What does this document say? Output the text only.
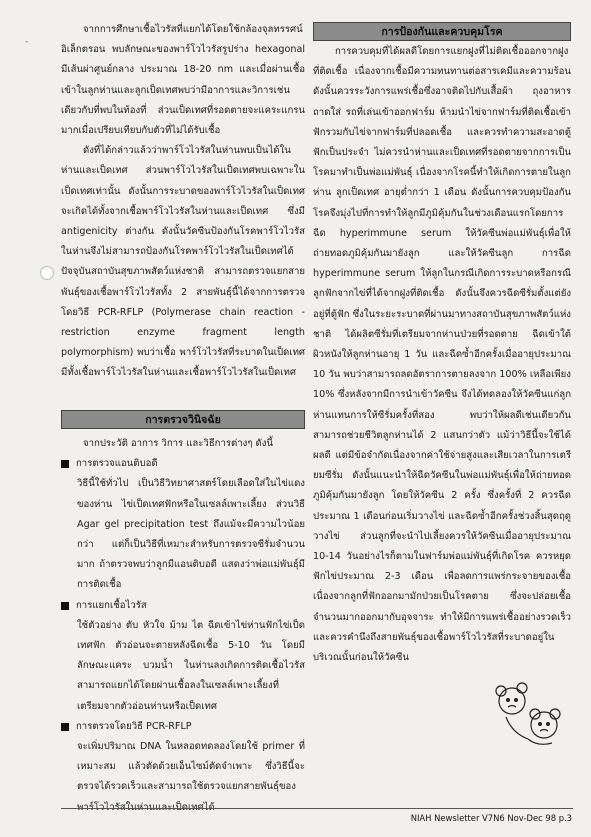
-

จากการศึกษาเชื้อไวรัสที่แยกได้โดยใช้กล้องจุลทรรศน์อิเล็กตรอน พบลักษณะของพาร์โวไวรัสรูปร่าง hexagonal มีเส้นผ่าศูนย์กลาง ประมาณ 18-20 nm และเมื่อผ่านเชื้อเข้าในลูกห่านและลูกเป็ดเทศพบว่ามีอาการและวิการเช่นเดียวกับที่พบในท้องที่ ส่วนเป็ดเทศที่รอดตายจะแคระแกรนมากเมื่อเปรียบเทียบกับตัวที่ไม่ได้รับเชื้อ

ดังที่ได้กล่าวแล้วว่าพาร์โวไวรัสในห่านพบเป็นได้ในห่านและเป็ดเทศ ส่วนพาร์โวไวรัสในเป็ดเทศพบเฉพาะในเป็ดเทศเท่านั้น ดังนั้นการระบาดของพาร์โวไวรัสในเป็ดเทศ จะเกิดได้ทั้งจากเชื้อพาร์โวไวรัสในห่านและเป็ดเทศ ซึ่งมี antigenicity ต่างกัน ดังนั้นวัคซีนป้องกันโรคพาร์โวไวรัสในห่านจึงไม่สามารถป้องกันโรคพาร์โวไวรัสในเป็ดเทศได้ ปัจจุบันสถาบันสุขภาพสัตว์แห่งชาติ สามารถตรวจแยกสายพันธุ์ของเชื้อพาร์โวไวรัสทั้ง 2 สายพันธุ์นี้ได้จากการตรวจโดยวิธี PCR-RFLP (Polymerase chain reaction - restriction enzyme fragment length polymorphism) พบว่าเชื้อ พาร์โวไวรัสที่ระบาดในเป็ดเทศ มีทั้งเชื้อพาร์โวไวรัสในห่านและเชื้อพาร์โวไวรัสในเป็ดเทศ

การตรวจวินิจฉัย

จากประวัติ อาการ วิการ และวิธีการต่างๆ ดังนี้

การตรวจแอนติบอดี

วิธีนี้ใช้ทั่วไป เป็นวิธีวิทยาศาสตร์โดยเลือดใส่ในไข่แดงของห่าน ไข่เป็ดเทศฟักหรือในเซลล์เพาะเลี้ยง ส่วนวิธี Agar gel precipitation test ถึงแม้จะมีความไวน้อยกว่า แต่ก็เป็นวิธีที่เหมาะสำหรับการตรวจซีรั่มจำนวนมาก ถ้าตรวจพบว่าลูกมีแอนติบอดี แสดงว่าพ่อแม่พันธุ์มีการติดเชื้อ

การแยกเชื้อไวรัส

ใช้ตัวอย่าง ตับ หัวใจ ม้าม ไต ฉีดเข้าไข่ห่านฟักไข่เป็ดเทศฟัก ตัวอ่อนจะตายหลังฉีดเชื้อ 5-10 วัน โดยมีลักษณะแคระ บวมน้ำ ในห่านลงเกิดการติดเชื้อไวรัสสามารถแยกได้โดยผ่านเชื้อลงในเซลล์เพาะเลี้ยงที่เตรียมจากตัวอ่อนห่านหรือเป็ดเทศ

การตรวจโดยวิธี PCR-RFLP

จะเพิ่มปริมาณ DNA ในหลอดทดลองโดยใช้ primer ที่เหมาะสม แล้วตัดด้วยเอ็นไซม์ตัดจำเพาะ ซึ่งวิธีนี้จะตรวจได้รวดเร็วและสามารถใช้ตรวจแยกสายพันธุ์ของพาร์โวไวรัสในห่านและเป็ดเทศได้

การป้องกันและควบคุมโรค

การควบคุมที่ได้ผลดีโดยการแยกฝูงที่ไม่ติดเชื้อออกจากฝูงที่ติดเชื้อ เนื่องจากเชื้อมีความทนทานต่อสารเคมีและความร้อน ดังนั้นควรระวังการแพร่เชื้อซึ่งอาจติดไปกับเสื้อผ้า ถุงอาหาร ถาดใส่ รถที่เล่นเข้าออกฟาร์ม ห้ามนำไข่จากฟาร์มที่ติดเชื้อเข้าฟักรวมกับไข่จากฟาร์มที่ปลอดเชื้อ และควรทำความสะอาดตู้ฟักเป็นประจำ ไม่ควรนำห่านและเป็ดเทศที่รอดตายจากการเป็นโรคมาทำเป็นพ่อแม่พันธุ์ เนื่องจากโรคนี้ทำให้เกิดการตายในลูกห่าน ลูกเป็ดเทศ อายุต่ำกว่า 1 เดือน ดังนั้นการควบคุมป้องกันโรคจึงมุ่งไปที่การทำให้ลูกมีภูมิคุ้มกันในช่วงเดือนแรกโดยการฉีด hyperimmune serum ให้วัคซีนพ่อแม่พันธุ์เพื่อให้ถ่ายทอดภูมิคุ้มกันมายังลูก และให้วัคซีนลูก การฉีด hyperimmune serum ให้ลูกในกรณีเกิดการระบาดหรือกรณีลูกฟักจากไข่ที่ได้จากฝูงที่ติดเชื้อ ดังนั้นจึงควรฉีดซีรั่มตั้งแต่ยังอยู่ที่ตู้ฟัก ซึ่งในระยะระบาดที่ผ่านมาทางสถาบันสุขภาพสัตว์แห่งชาติ ได้ผลิตซีรั่มที่เตรียมจากห่านป่วยที่รอดตาย ฉีดเข้าใต้ผิวหนังให้ลูกห่านอายุ 1 วัน และฉีดซ้ำอีกครั้งเมื่ออายุประมาณ 10 วัน พบว่าสามารถลดอัตราการตายลงจาก 100% เหลือเพียง 10% ซึ่งหลังจากมีการนำเข้าวัคซีน จึงได้ทดลองให้วัคซีนแก่ลูกห่านแทนการให้ซีรั่มครั้งที่สอง พบว่าให้ผลดีเช่นเดียวกัน สามารถช่วยชีวิตลูกห่านได้ 2 แสนกว่าตัว แม้ว่าวิธีนี้จะใช้ได้ผลดี แต่มีข้อจำกัดเนื่องจากค่าใช้จ่ายสูงและเสียเวลาในการเตรียมซีรั่ม ดังนั้นแนะนำให้ฉีดวัคซีนในพ่อแม่พันธุ์เพื่อให้ถ่ายทอดภูมิคุ้มกันมายังลูก โดยให้วัคซีน 2 ครั้ง ซึ่งครั้งที่ 2 ควรฉีดประมาณ 1 เดือนก่อนเริ่มวางไข่ และฉีดซ้ำอีกครั้งช่วงสิ้นสุดฤดูวางไข่ ส่วนลูกที่จะนำไปเลี้ยงควรให้วัคซีนเมื่ออายุประมาณ 10-14 วันอย่างไรก็ตามในฟาร์มพ่อแม่พันธุ์ที่เกิดโรค ควรหยุดฟักไข่ประมาณ 2-3 เดือน เพื่อลดการแพร่กระจายของเชื้อ เนื่องจากลูกที่ฟักออกมามักป่วยเป็นโรคตาย ซึ่งจะปล่อยเชื้อจำนวนมากออกมากับอุจจาระ ทำให้มีการแพร่เชื้ออย่างรวดเร็ว และควรคำนึงถึงสายพันธุ์ของเชื้อพาร์โวไวรัสที่ระบาดอยู่ในบริเวณนั้นก่อนให้วัคซีน

NIAH Newsletter V7N6 Nov-Dec 98 p.3
